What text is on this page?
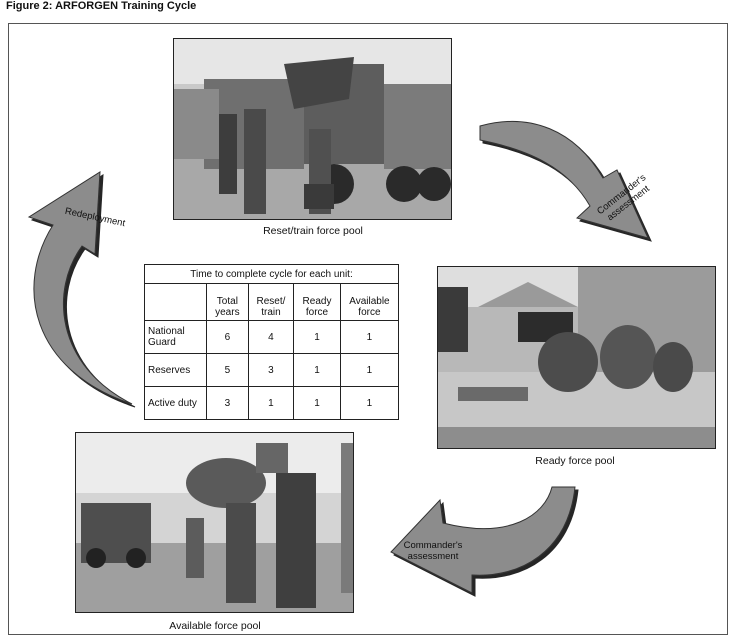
Figure 2: ARFORGEN Training Cycle
Reset/train force pool
Ready force pool
Available force pool
Commander's assessment
Commander's assessment
Redeployment
Time to complete cycle for each unit:				
	Total years	Reset/ train	Ready force	Available force
National Guard	6	4	1	1
Reserves	5	3	1	1
Active duty	3	1	1	1
